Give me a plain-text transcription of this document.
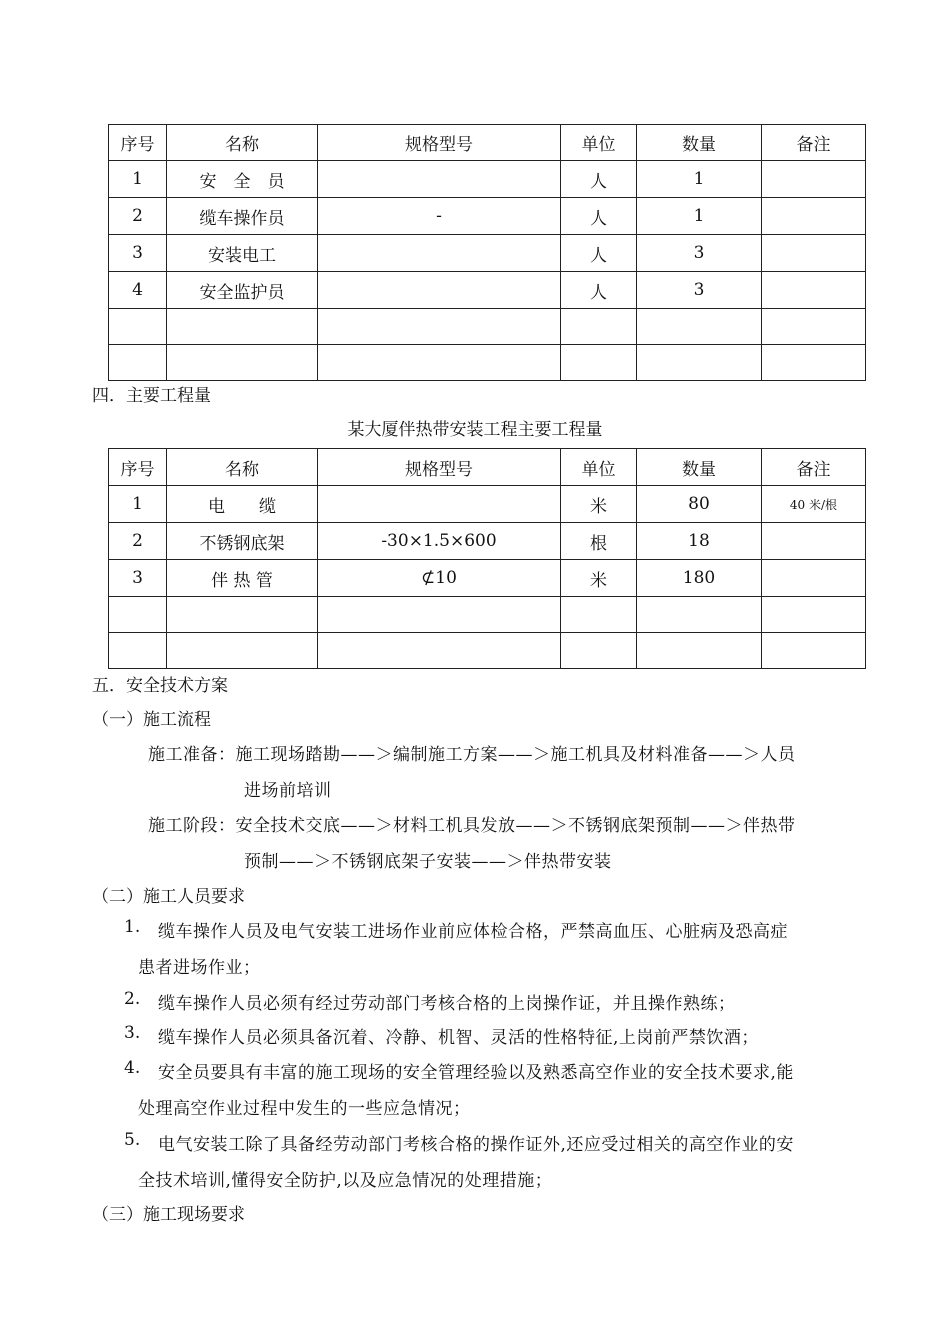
序号	名称	规格型号	单位	数量	备注
1	安　全　员		人	1	
2	缆车操作员	-	人	1	
3	安装电工		人	3	
4	安全监护员		人	3	

四．主要工程量
某大厦伴热带安装工程主要工程量
序号	名称	规格型号	单位	数量	备注
1	电　　缆		米	80	40 米/根
2	不锈钢底架	-30×1.5×600	根	18	
3	伴 热 管	⊄10	米	180	

五．安全技术方案
（一）施工流程
施工准备：施工现场踏勘——＞编制施工方案——＞施工机具及材料准备——＞人员
进场前培训
施工阶段：安全技术交底——＞材料工机具发放——＞不锈钢底架预制——＞伴热带
预制——＞不锈钢底架子安装——＞伴热带安装
（二）施工人员要求
1. 缆车操作人员及电气安装工进场作业前应体检合格，严禁高血压、心脏病及恐高症
患者进场作业；
2. 缆车操作人员必须有经过劳动部门考核合格的上岗操作证，并且操作熟练；
3. 缆车操作人员必须具备沉着、冷静、机智、灵活的性格特征,上岗前严禁饮酒；
4. 安全员要具有丰富的施工现场的安全管理经验以及熟悉高空作业的安全技术要求,能
处理高空作业过程中发生的一些应急情况；
5. 电气安装工除了具备经劳动部门考核合格的操作证外,还应受过相关的高空作业的安
全技术培训,懂得安全防护,以及应急情况的处理措施；
（三）施工现场要求
